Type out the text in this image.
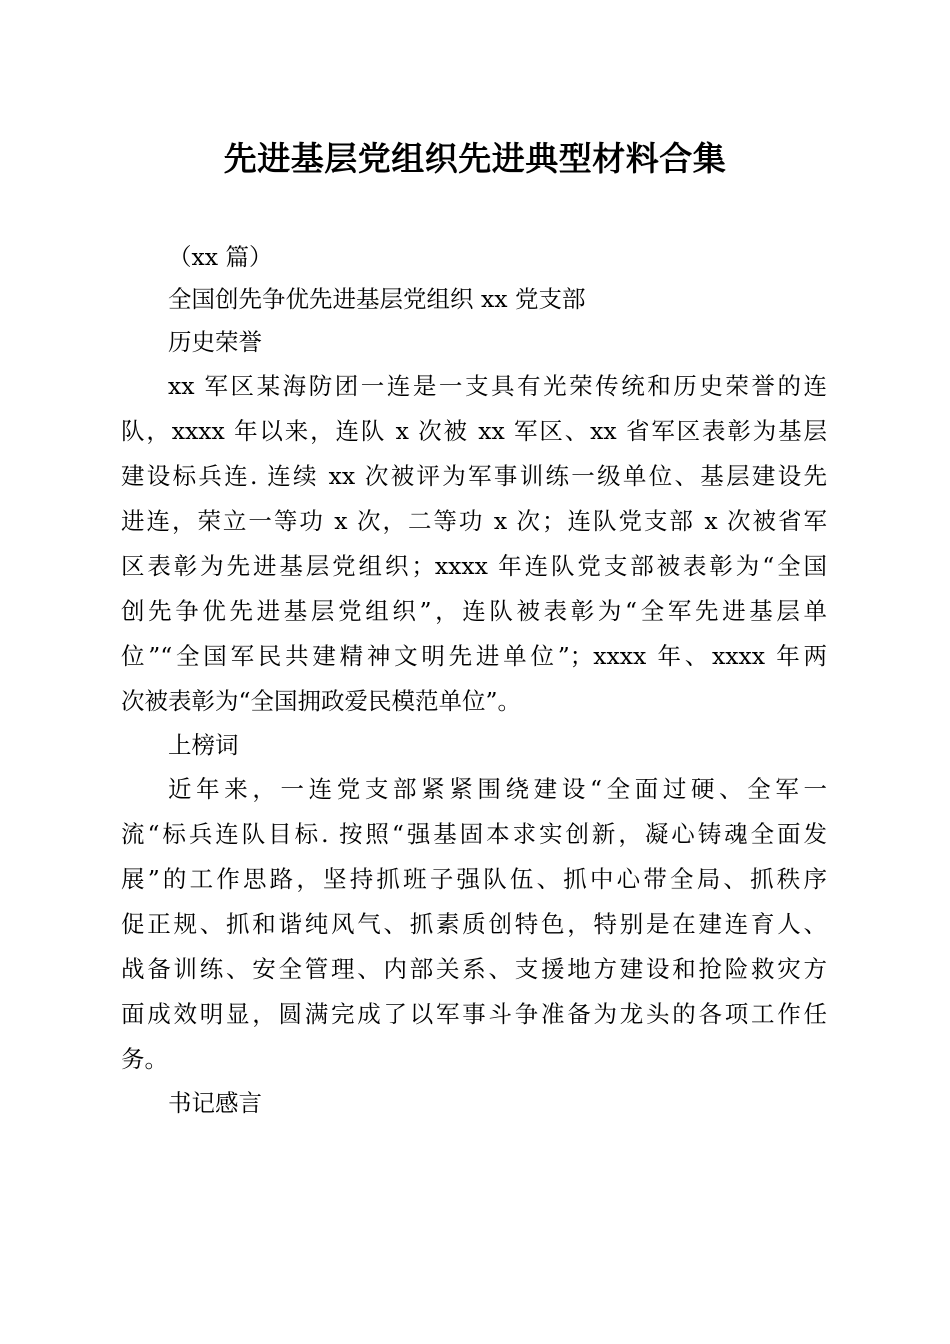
先进基层党组织先进典型材料合集

（xx 篇）

全国创先争优先进基层党组织 xx 党支部

历史荣誉

xx 军区某海防团一连是一支具有光荣传统和历史荣誉的连

队，xxxx 年以来，连队 x 次被 xx 军区、xx 省军区表彰为基层

建设标兵连. 连续 xx 次被评为军事训练一级单位、基层建设先

进连，荣立一等功 x 次，二等功 x 次；连队党支部 x 次被省军

区表彰为先进基层党组织；xxxx 年连队党支部被表彰为“全国

创先争优先进基层党组织”，连队被表彰为“全军先进基层单

位”“全国军民共建精神文明先进单位”；xxxx 年、xxxx 年两

次被表彰为“全国拥政爱民模范单位”。

上榜词

近年来，一连党支部紧紧围绕建设“全面过硬、全军一

流“标兵连队目标. 按照“强基固本求实创新，凝心铸魂全面发

展”的工作思路，坚持抓班子强队伍、抓中心带全局、抓秩序

促正规、抓和谐纯风气、抓素质创特色，特别是在建连育人、

战备训练、安全管理、内部关系、支援地方建设和抢险救灾方

面成效明显，圆满完成了以军事斗争准备为龙头的各项工作任

务。

书记感言
